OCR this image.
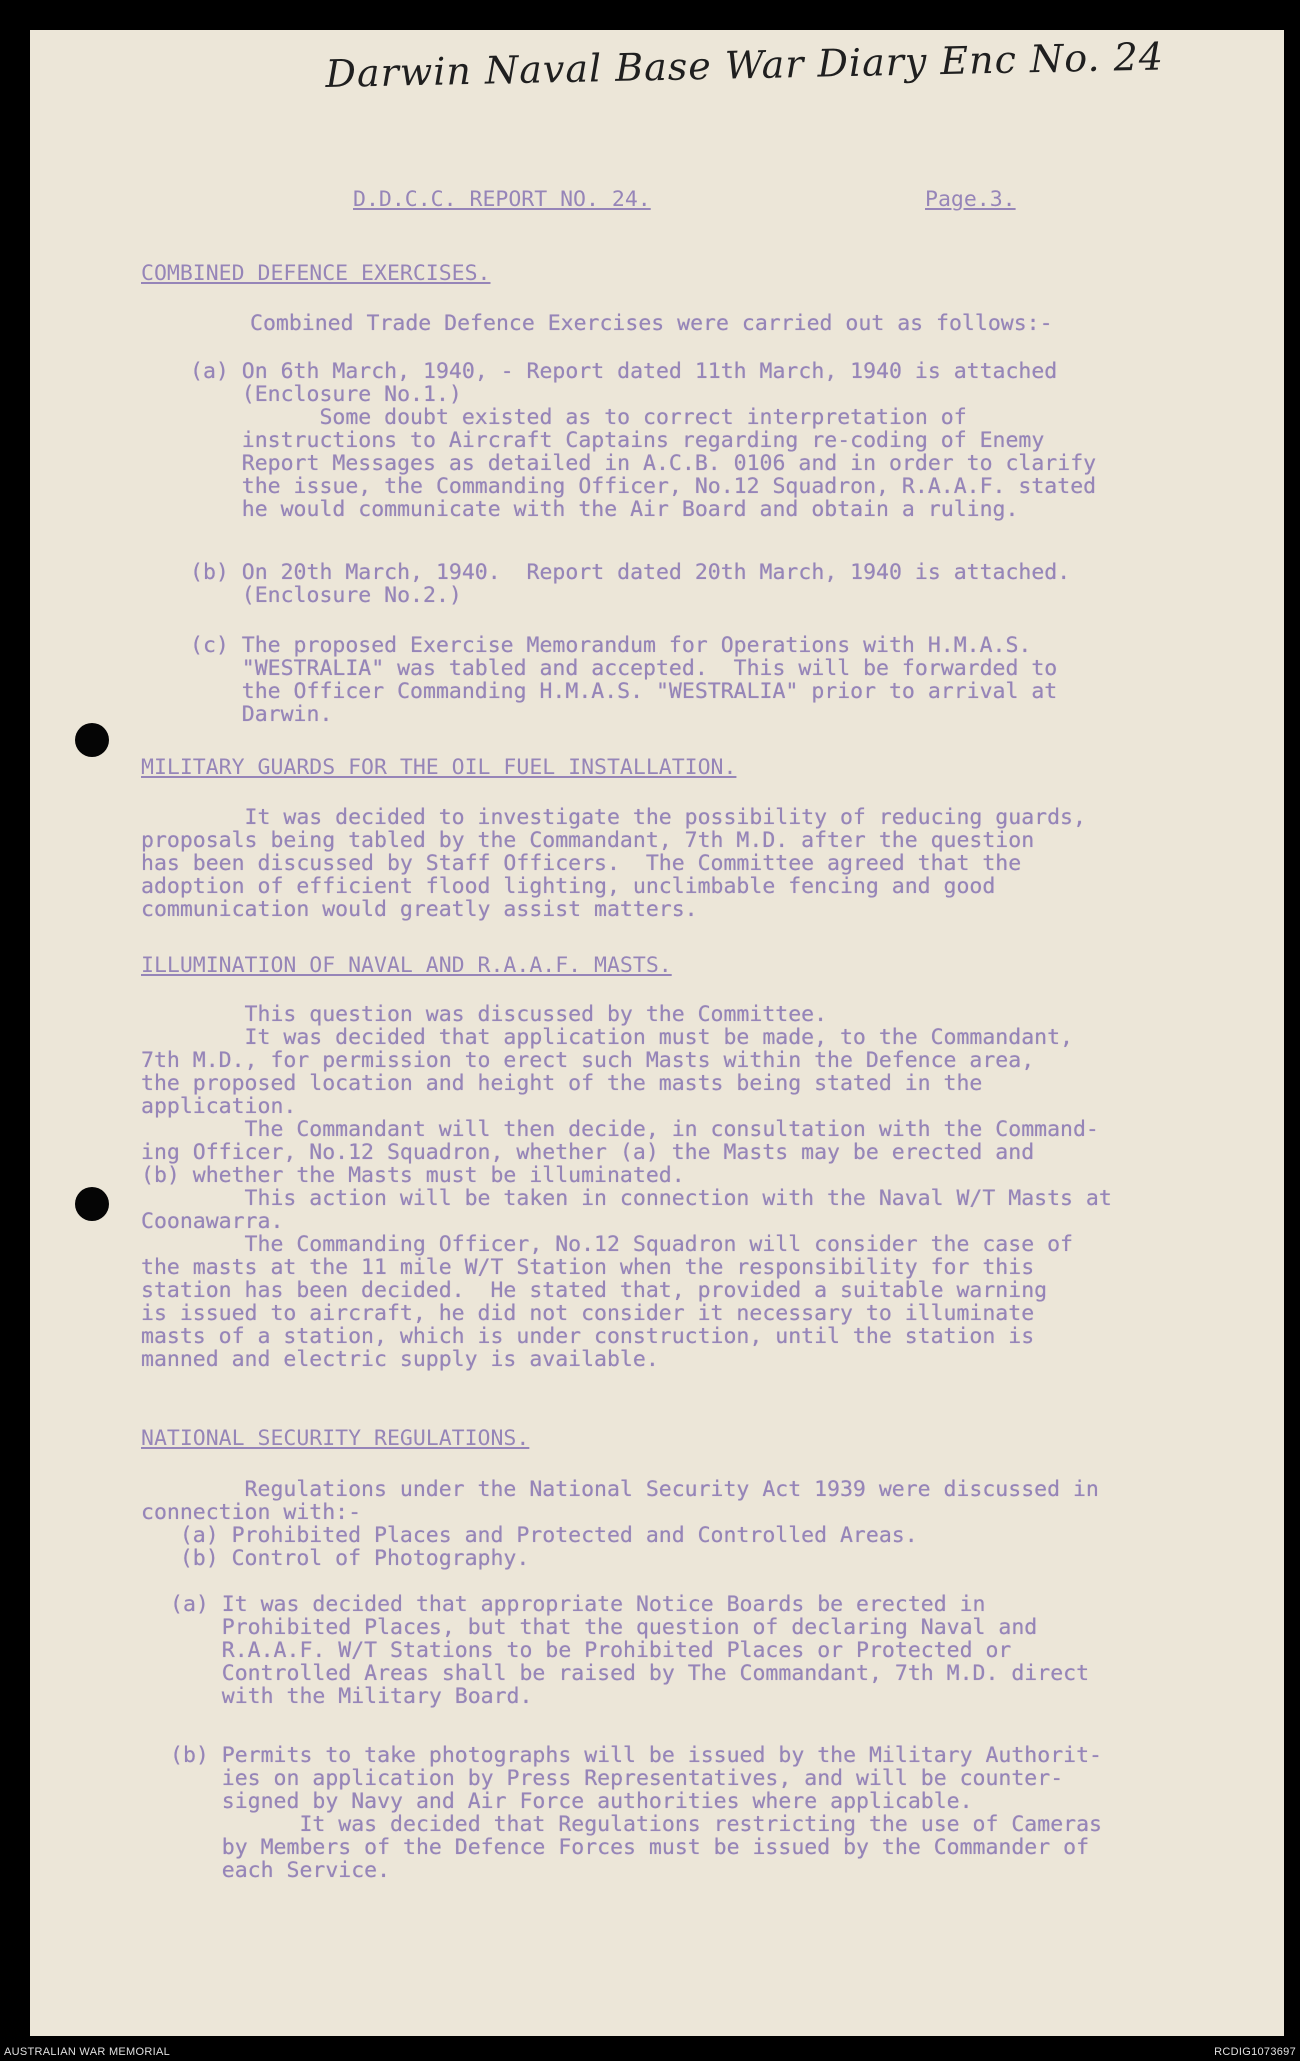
Darwin Naval Base War Diary Enc No. 24
D.D.C.C. REPORT NO. 24.	Page.3.
COMBINED DEFENCE EXERCISES.
Combined Trade Defence Exercises were carried out as follows:-
(a) On 6th March, 1940, - Report dated 11th March, 1940 is attached
(Enclosure No.1.)
Some doubt existed as to correct interpretation of
instructions to Aircraft Captains regarding re-coding of Enemy
Report Messages as detailed in A.C.B. 0106 and in order to clarify
the issue, the Commanding Officer, No.12 Squadron, R.A.A.F. stated
he would communicate with the Air Board and obtain a ruling.
(b) On 20th March, 1940.  Report dated 20th March, 1940 is attached.
(Enclosure No.2.)
(c) The proposed Exercise Memorandum for Operations with H.M.A.S.
"WESTRALIA" was tabled and accepted.  This will be forwarded to
the Officer Commanding H.M.A.S. "WESTRALIA" prior to arrival at
Darwin.
MILITARY GUARDS FOR THE OIL FUEL INSTALLATION.
It was decided to investigate the possibility of reducing guards,
proposals being tabled by the Commandant, 7th M.D. after the question
has been discussed by Staff Officers.  The Committee agreed that the
adoption of efficient flood lighting, unclimbable fencing and good
communication would greatly assist matters.
ILLUMINATION OF NAVAL AND R.A.A.F. MASTS.
This question was discussed by the Committee.
It was decided that application must be made, to the Commandant,
7th M.D., for permission to erect such Masts within the Defence area,
the proposed location and height of the masts being stated in the
application.
The Commandant will then decide, in consultation with the Command-
ing Officer, No.12 Squadron, whether (a) the Masts may be erected and
(b) whether the Masts must be illuminated.
This action will be taken in connection with the Naval W/T Masts at
Coonawarra.
The Commanding Officer, No.12 Squadron will consider the case of
the masts at the 11 mile W/T Station when the responsibility for this
station has been decided.  He stated that, provided a suitable warning
is issued to aircraft, he did not consider it necessary to illuminate
masts of a station, which is under construction, until the station is
manned and electric supply is available.
NATIONAL SECURITY REGULATIONS.
Regulations under the National Security Act 1939 were discussed in
connection with:-
(a) Prohibited Places and Protected and Controlled Areas.
(b) Control of Photography.
(a) It was decided that appropriate Notice Boards be erected in
Prohibited Places, but that the question of declaring Naval and
R.A.A.F. W/T Stations to be Prohibited Places or Protected or
Controlled Areas shall be raised by The Commandant, 7th M.D. direct
with the Military Board.
(b) Permits to take photographs will be issued by the Military Authorit-
ies on application by Press Representatives, and will be counter-
signed by Navy and Air Force authorities where applicable.
It was decided that Regulations restricting the use of Cameras
by Members of the Defence Forces must be issued by the Commander of
each Service.
AUSTRALIAN WAR MEMORIAL	RCDIG1073697
